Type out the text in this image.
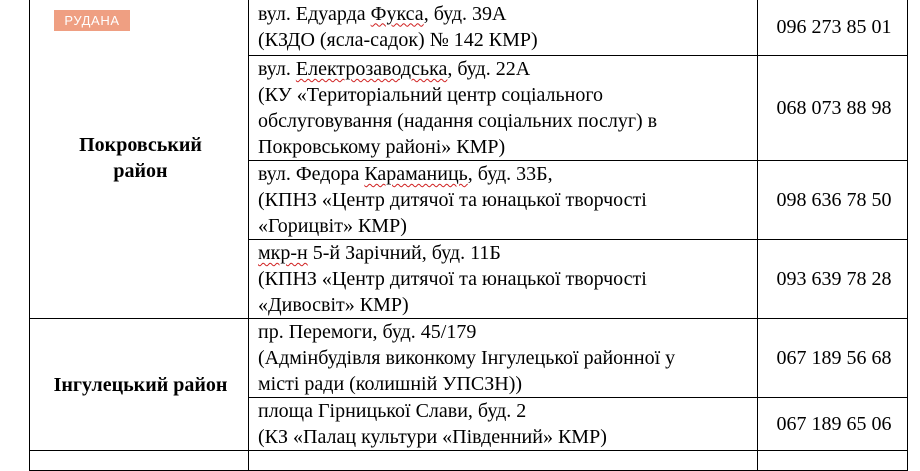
РУДАНА
Покровський
район	вул. Едуарда Фукса, буд. 39А
(КЗДО (ясла-садок) № 142 КМР)	096 273 85 01

	вул. Електрозаводська, буд. 22А
(КУ «Територіальний центр соціального
обслуговування (надання соціальних послуг) в
Покровському районі» КМР)	068 073 88 98

	вул. Федора Караманиць, буд. 33Б,
(КПНЗ «Центр дитячої та юнацької творчості
«Горицвіт» КМР)	098 636 78 50

	мкр-н 5-й Зарічний, буд. 11Б
(КПНЗ «Центр дитячої та юнацької творчості
«Дивосвіт» КМР)	093 639 78 28

Інгулецький район	пр. Перемоги, буд. 45/179
(Адмінбудівля виконкому Інгулецької районної у
місті ради (колишній УПСЗН))	067 189 56 68

	площа Гірницької Слави, буд. 2
(КЗ «Палац культури «Південний» КМР)	067 189 65 06
